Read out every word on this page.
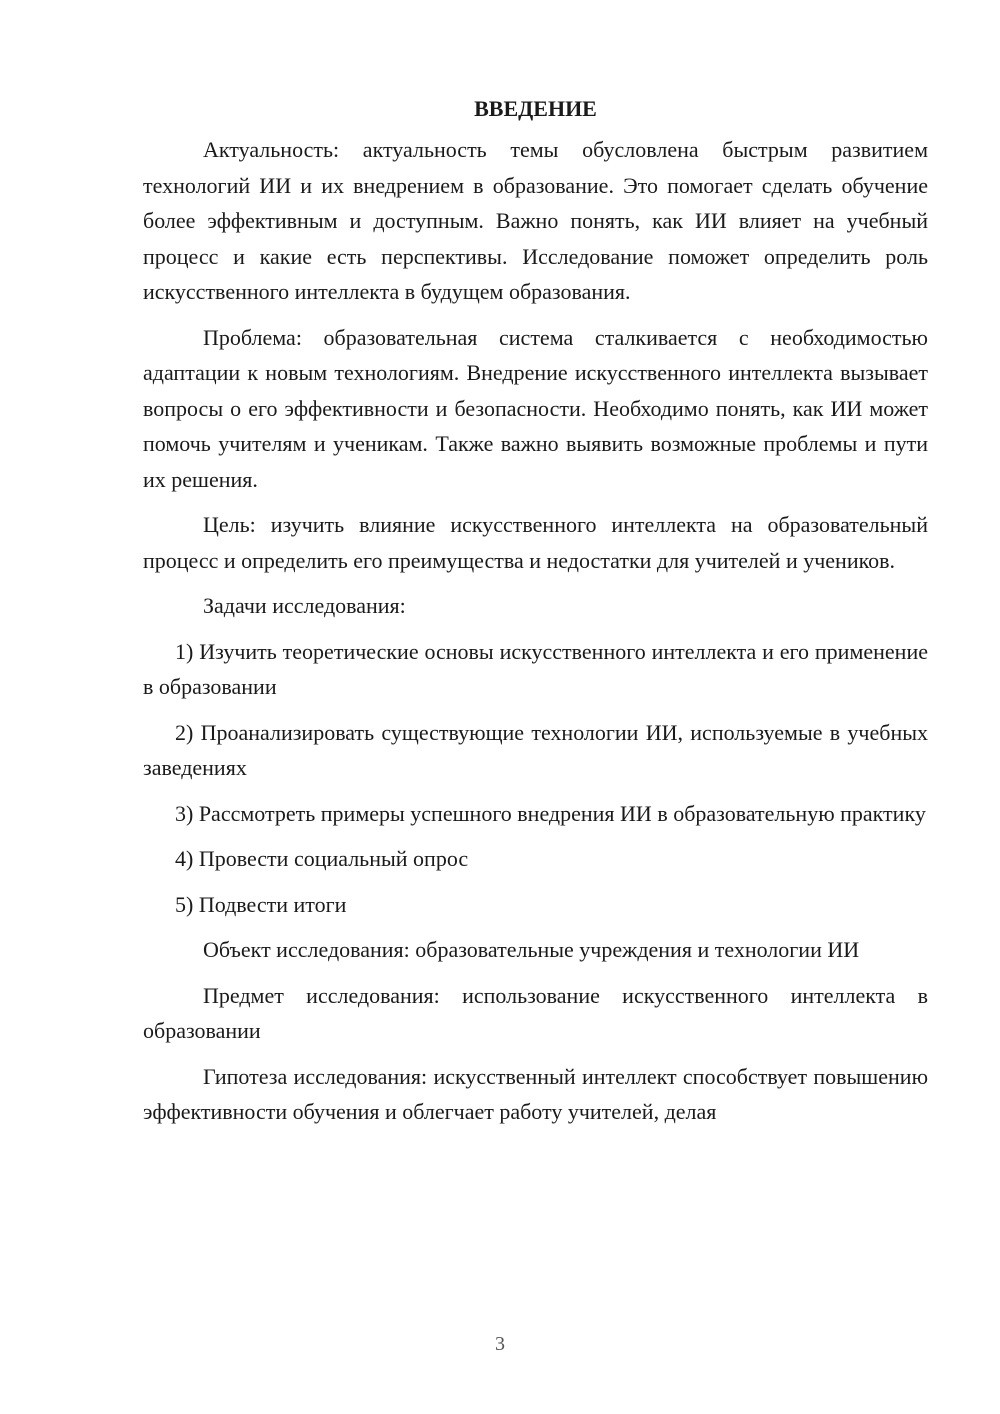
ВВЕДЕНИЕ

Актуальность: актуальность темы обусловлена быстрым развитием технологий ИИ и их внедрением в образование. Это помогает сделать обучение более эффективным и доступным. Важно понять, как ИИ влияет на учебный процесс и какие есть перспективы. Исследование поможет определить роль искусственного интеллекта в будущем образования.

Проблема: образовательная система сталкивается с необходимостью адаптации к новым технологиям. Внедрение искусственного интеллекта вызывает вопросы о его эффективности и безопасности. Необходимо понять, как ИИ может помочь учителям и ученикам. Также важно выявить возможные проблемы и пути их решения.

Цель: изучить влияние искусственного интеллекта на образовательный процесс и определить его преимущества и недостатки для учителей и учеников.

Задачи исследования:

1) Изучить теоретические основы искусственного интеллекта и его применение в образовании

2) Проанализировать существующие технологии ИИ, используемые в учебных заведениях

3) Рассмотреть примеры успешного внедрения ИИ в образовательную практику

4) Провести социальный опрос

5) Подвести итоги

Объект исследования: образовательные учреждения и технологии ИИ

Предмет исследования: использование искусственного интеллекта в образовании

Гипотеза исследования: искусственный интеллект способствует повышению эффективности обучения и облегчает работу учителей, делая

3
